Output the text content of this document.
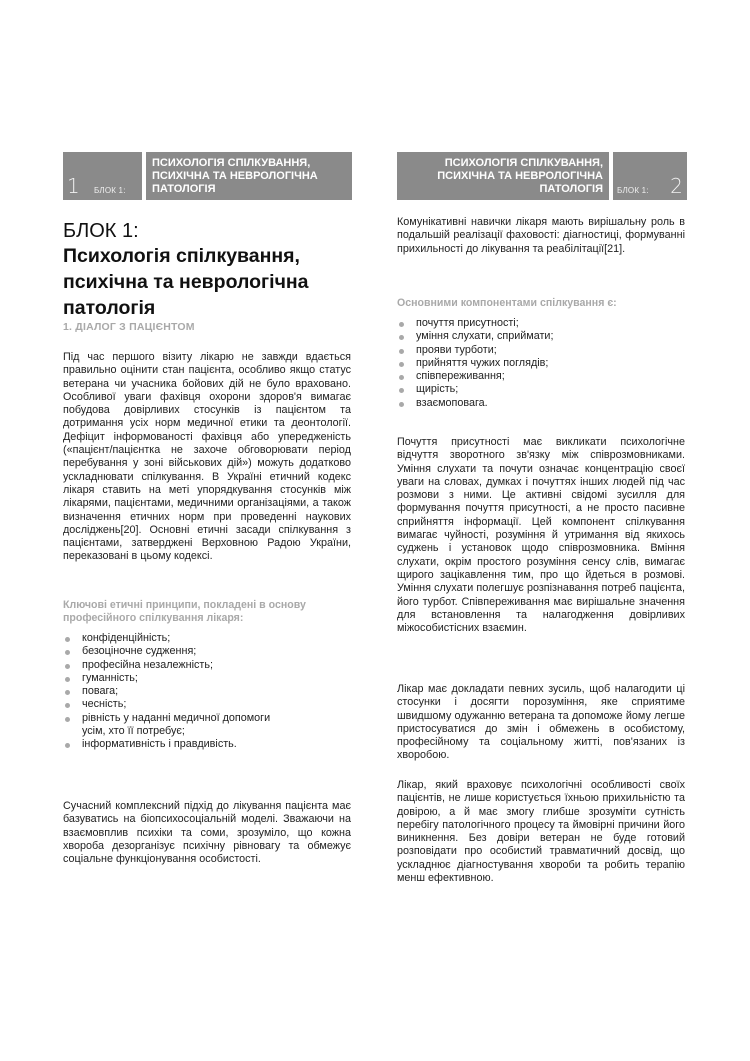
1 БЛОК 1:
ПСИХОЛОГІЯ СПІЛКУВАННЯ,
ПСИХІЧНА ТА НЕВРОЛОГІЧНА
ПАТОЛОГІЯ
ПСИХОЛОГІЯ СПІЛКУВАННЯ,
ПСИХІЧНА ТА НЕВРОЛОГІЧНА
ПАТОЛОГІЯ БЛОК 1: 2
БЛОК 1:
Психологія спілкування,
психічна та неврологічна
патологія
1. ДІАЛОГ З ПАЦІЄНТОМ

Під час першого візиту лікарю не завжди вдається правильно оцінити стан пацієнта, особливо якщо статус ветерана чи учасника бойових дій не було враховано. Особливої уваги фахівця охорони здоров'я вимагає побудова довірливих стосунків із пацієнтом та дотримання усіх норм медичної етики та деонтології. Дефіцит інформованості фахівця або упередженість («пацієнт/пацієнтка не захоче обговорювати період перебування у зоні військових дій») можуть додатково ускладнювати спілкування. В Україні етичний кодекс лікаря ставить на меті упорядкування стосунків між лікарями, пацієнтами, медичними організаціями, а також визначення етичних норм при проведенні наукових досліджень[20]. Основні етичні засади спілкування з пацієнтами, затверджені Верховною Радою України, переказовані в цьому кодексі.

Ключові етичні принципи, покладені в основу професійного спілкування лікаря:

конфіденційність;
безоціночне судження;
професійна незалежність;
гуманність;
повага;
чесність;
рівність у наданні медичної допомоги усім, хто її потребує;
інформативність і правдивість.

Сучасний комплексний підхід до лікування пацієнта має базуватись на біопсихосоціальній моделі. Зважаючи на взаємовплив психіки та соми, зрозуміло, що кожна хвороба дезорганізує психічну рівновагу та обмежує соціальне функціонування особистості.

Комунікативні навички лікаря мають вирішальну роль в подальшій реалізації фаховості: діагностиці, формуванні прихильності до лікування та реабілітації[21].

Основними компонентами спілкування є:

почуття присутності;
уміння слухати, сприймати;
прояви турботи;
прийняття чужих поглядів;
співпереживання;
щирість;
взаємоповага.

Почуття присутності має викликати психологічне відчуття зворотного зв'язку між співрозмовниками. Уміння слухати та почути означає концентрацію своєї уваги на словах, думках і почуттях інших людей під час розмови з ними. Це активні свідомі зусилля для формування почуття присутності, а не просто пасивне сприйняття інформації. Цей компонент спілкування вимагає чуйності, розуміння й утримання від якихось суджень і установок щодо співрозмовника. Вміння слухати, окрім простого розуміння сенсу слів, вимагає щирого зацікавлення тим, про що йдеться в розмові. Уміння слухати полегшує розпізнавання потреб пацієнта, його турбот. Співпереживання має вирішальне значення для встановлення та налагодження довірливих міжособистісних взаємин.

Лікар має докладати певних зусиль, щоб налагодити ці стосунки і досягти порозуміння, яке сприятиме швидшому одужанню ветерана та допоможе йому легше пристосуватися до змін і обмежень в особистому, професійному та соціальному житті, пов'язаних із хворобою.

Лікар, який враховує психологічні особливості своїх пацієнтів, не лише користується їхньою прихильністю та довірою, а й має змогу глибше зрозуміти сутність перебігу патологічного процесу та ймовірні причини його виникнення. Без довіри ветеран не буде готовий розповідати про особистий травматичний досвід, що ускладнює діагностування хвороби та робить терапію менш ефективною.
